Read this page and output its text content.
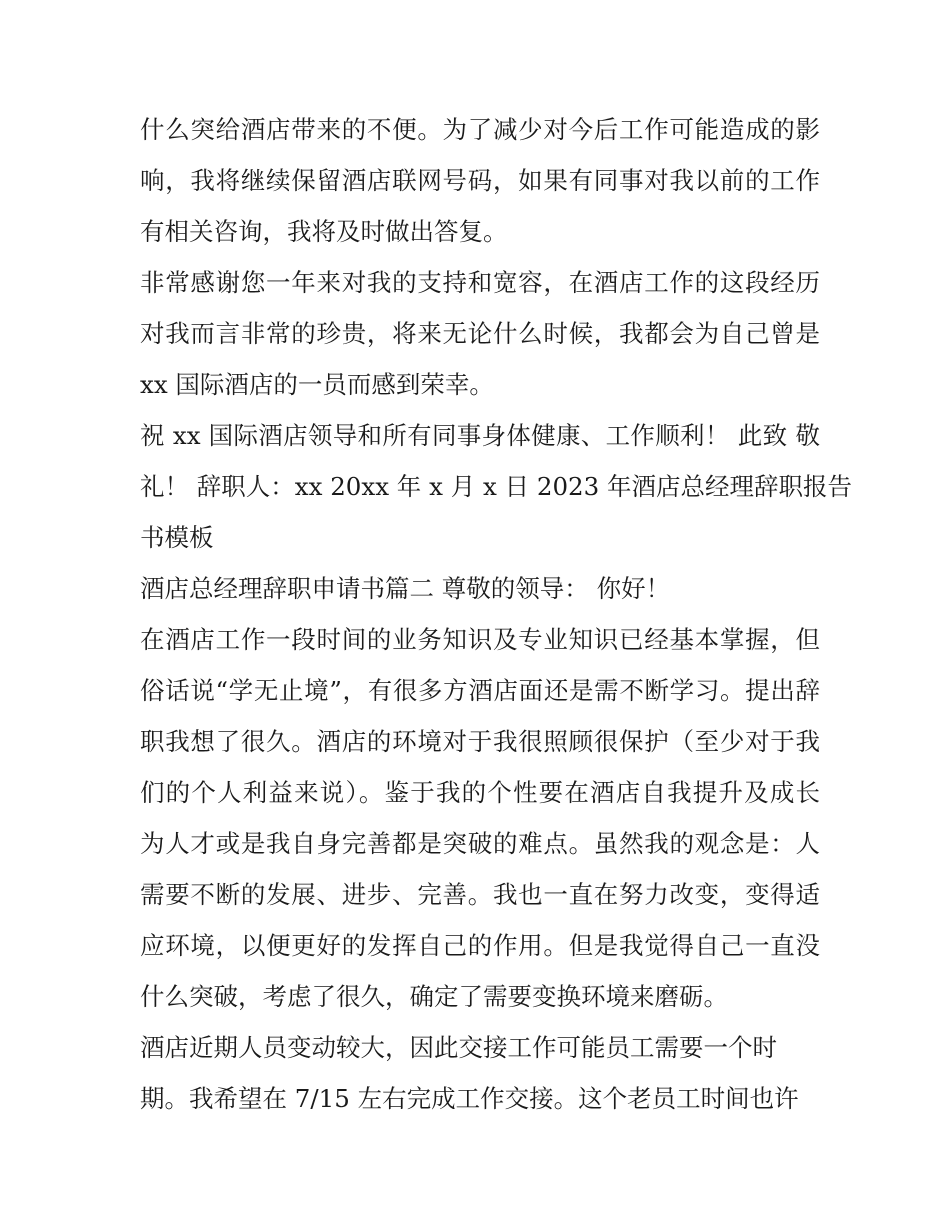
什么突给酒店带来的不便。为了减少对今后工作可能造成的影
响，我将继续保留酒店联网号码，如果有同事对我以前的工作
有相关咨询，我将及时做出答复。
非常感谢您一年来对我的支持和宽容，在酒店工作的这段经历
对我而言非常的珍贵，将来无论什么时候，我都会为自己曾是
xx 国际酒店的一员而感到荣幸。
祝 xx 国际酒店领导和所有同事身体健康、工作顺利！ 此致 敬
礼！ 辞职人：xx 20xx 年 x 月 x 日 2023 年酒店总经理辞职报告
书模板
酒店总经理辞职申请书篇二 尊敬的领导： 你好！
在酒店工作一段时间的业务知识及专业知识已经基本掌握，但
俗话说“学无止境”，有很多方酒店面还是需不断学习。提出辞
职我想了很久。酒店的环境对于我很照顾很保护（至少对于我
们的个人利益来说）。鉴于我的个性要在酒店自我提升及成长
为人才或是我自身完善都是突破的难点。虽然我的观念是：人
需要不断的发展、进步、完善。我也一直在努力改变，变得适
应环境，以便更好的发挥自己的作用。但是我觉得自己一直没
什么突破，考虑了很久，确定了需要变换环境来磨砺。
酒店近期人员变动较大，因此交接工作可能员工需要一个时
期。我希望在 7/15 左右完成工作交接。这个老员工时间也许
